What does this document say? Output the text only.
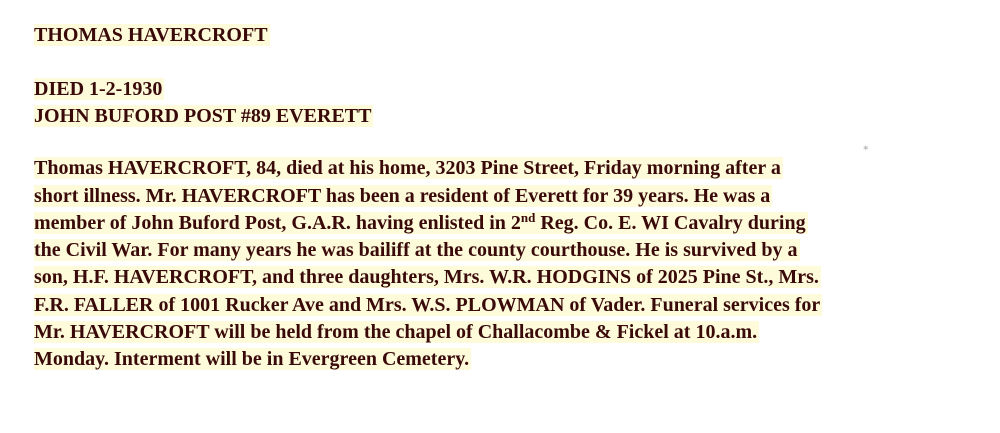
THOMAS HAVERCROFT
DIED 1-2-1930
JOHN BUFORD POST #89 EVERETT
Thomas HAVERCROFT, 84, died at his home, 3203 Pine Street, Friday morning after a
short illness. Mr. HAVERCROFT has been a resident of Everett for 39 years. He was a
member of John Buford Post, G.A.R. having enlisted in 2nd Reg. Co. E. WI Cavalry during
the Civil War. For many years he was bailiff at the county courthouse. He is survived by a
son, H.F. HAVERCROFT, and three daughters, Mrs. W.R. HODGINS of 2025 Pine St., Mrs.
F.R. FALLER of 1001 Rucker Ave and Mrs. W.S. PLOWMAN of Vader. Funeral services for
Mr. HAVERCROFT will be held from the chapel of Challacombe & Fickel at 10.a.m.
Monday. Interment will be in Evergreen Cemetery.
✶
